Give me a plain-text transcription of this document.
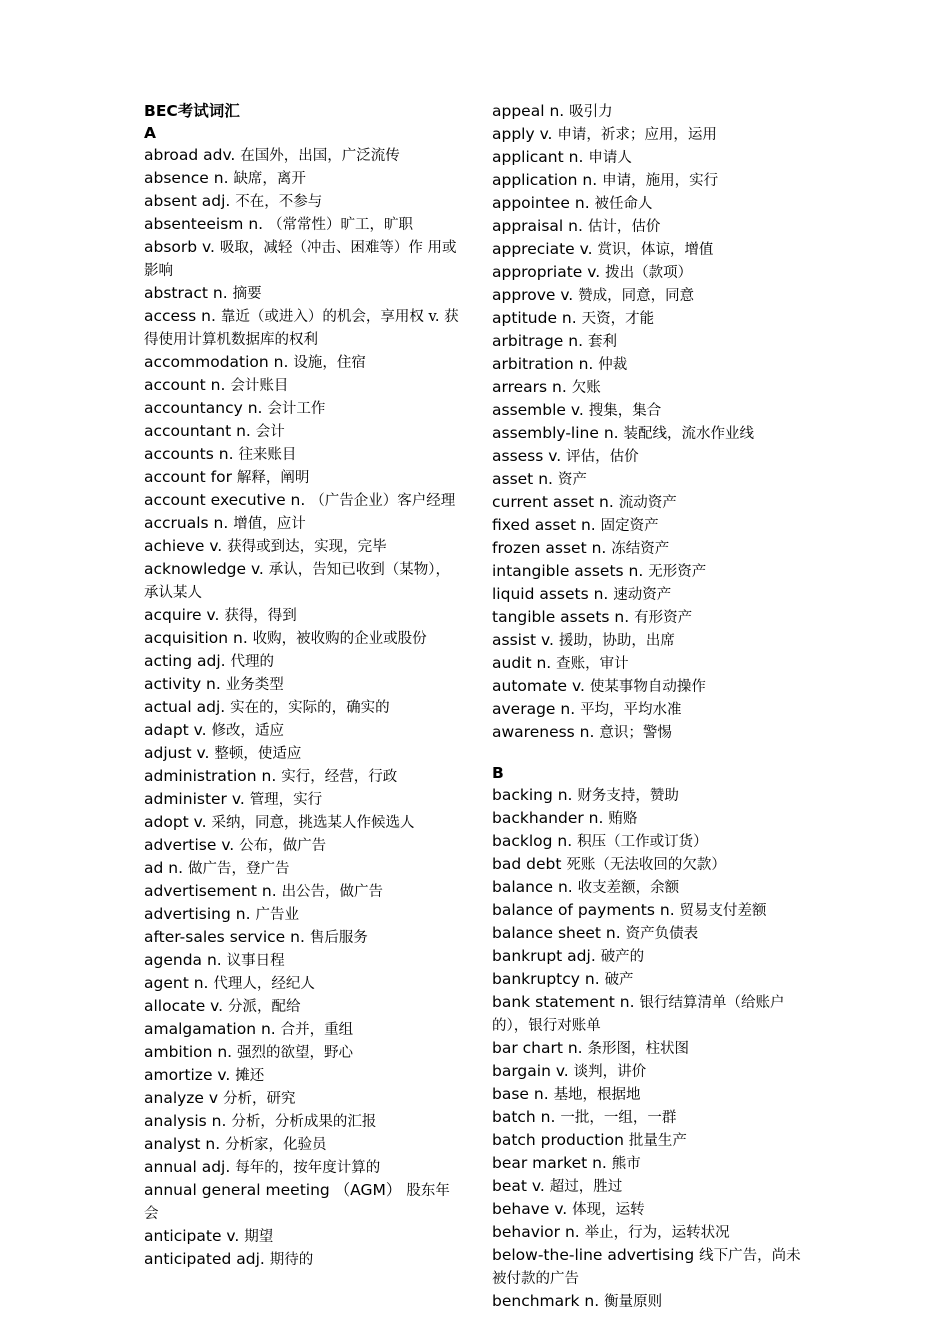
BEC考试词汇
A
abroad adv. 在国外，出国，广泛流传
absence n. 缺席，离开
absent adj. 不在，不参与
absenteeism n. （常常性）旷工，旷职
absorb v. 吸取，减轻（冲击、困难等）作 用或影响
abstract n. 摘要
access n. 靠近（或进入）的机会，享用权 v. 获得使用计算机数据库的权利
accommodation n. 设施，住宿
account n. 会计账目
accountancy n. 会计工作
accountant n. 会计
accounts n. 往来账目
account for 解释，阐明
account executive n. （广告企业）客户经理
accruals n. 增值，应计
achieve v. 获得或到达，实现，完毕
acknowledge v. 承认，告知已收到（某物），承认某人
acquire v. 获得，得到
acquisition n. 收购，被收购的企业或股份
acting adj. 代理的
activity n. 业务类型
actual adj. 实在的，实际的，确实的
adapt v. 修改，适应
adjust v. 整顿，使适应
administration n. 实行，经营，行政
administer v. 管理，实行
adopt v. 采纳，同意，挑选某人作候选人
advertise v. 公布，做广告
ad n. 做广告，登广告
advertisement n. 出公告，做广告
advertising n. 广告业
after-sales service n. 售后服务
agenda n. 议事日程
agent n. 代理人，经纪人
allocate v. 分派，配给
amalgamation n. 合并，重组
ambition n. 强烈的欲望，野心
amortize v. 摊还
analyze v 分析，研究
analysis n. 分析，分析成果的汇报
analyst n. 分析家，化验员
annual adj. 每年的，按年度计算的
annual general meeting （AGM） 股东年会
anticipate v. 期望
anticipated adj. 期待的
appeal n. 吸引力
apply v. 申请，祈求；应用，运用
applicant n. 申请人
application n. 申请，施用，实行
appointee n. 被任命人
appraisal n. 估计，估价
appreciate v. 赏识，体谅，增值
appropriate v. 拨出（款项）
approve v. 赞成，同意，同意
aptitude n. 天资，才能
arbitrage n. 套利
arbitration n. 仲裁
arrears n. 欠账
assemble v. 搜集，集合
assembly-line n. 装配线，流水作业线
assess v. 评估，估价
asset n. 资产
current asset n. 流动资产
fixed asset n. 固定资产
frozen asset n. 冻结资产
intangible assets n. 无形资产
liquid assets n. 速动资产
tangible assets n. 有形资产
assist v. 援助，协助，出席
audit n. 查账，审计
automate v. 使某事物自动操作
average n. 平均，平均水准
awareness n. 意识；警惕
B
backing n. 财务支持，赞助
backhander n. 贿赂
backlog n. 积压（工作或订货）
bad debt 死账（无法收回的欠款）
balance n. 收支差额，余额
balance of payments n. 贸易支付差额
balance sheet n. 资产负债表
bankrupt adj. 破产的
bankruptcy n. 破产
bank statement n. 银行结算清单（给账户的），银行对账单
bar chart n. 条形图，柱状图
bargain v. 谈判，讲价
base n. 基地，根据地
batch n. 一批，一组，一群
batch production 批量生产
bear market n. 熊市
beat v. 超过，胜过
behave v. 体现，运转
behavior n. 举止，行为，运转状况
below-the-line advertising 线下广告，尚未被付款的广告
benchmark n. 衡量原则
